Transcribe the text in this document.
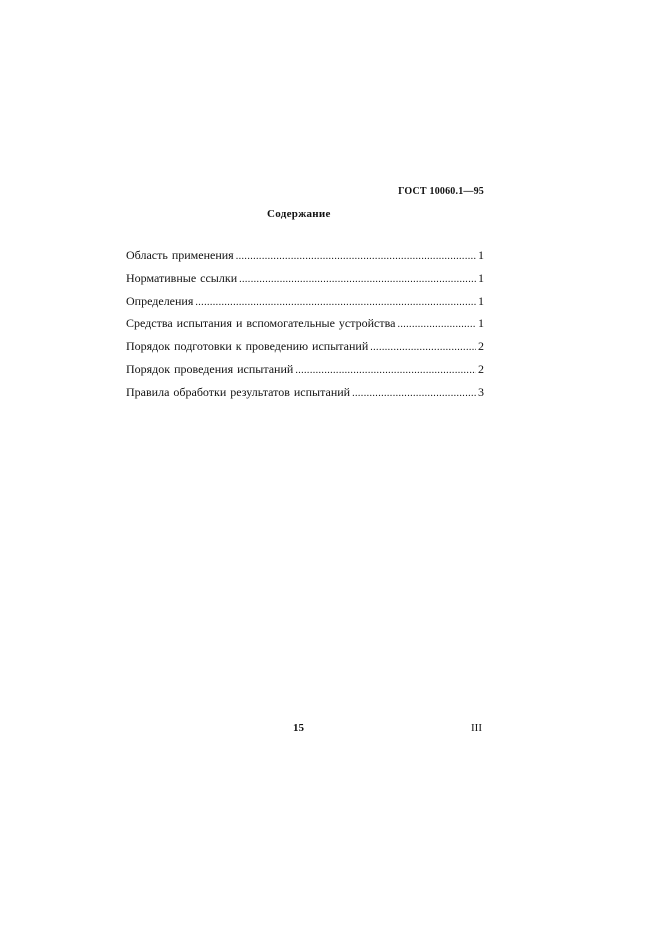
ГОСТ 10060.1—95
Содержание
Область применения .....	1
Нормативные ссылки .....	1
Определения .....	1
Средства испытания и вспомогательные устройства .....	1
Порядок подготовки к проведению испытаний .....	2
Порядок проведения испытаний .....	2
Правила обработки результатов испытаний .....	3
15	III
